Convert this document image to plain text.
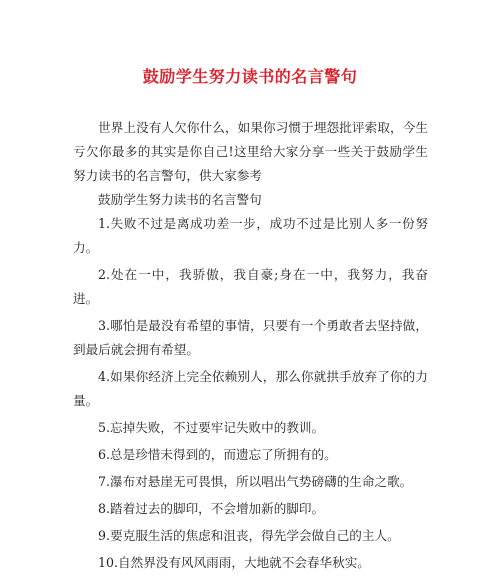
鼓励学生努力读书的名言警句

世界上没有人欠你什么，如果你习惯于埋怨批评索取，今生亏欠你最多的其实是你自己!这里给大家分享一些关于鼓励学生努力读书的名言警句，供大家参考

鼓励学生努力读书的名言警句

1.失败不过是离成功差一步，成功不过是比别人多一份努力。

2.处在一中，我骄傲，我自豪;身在一中，我努力，我奋进。

3.哪怕是最没有希望的事情，只要有一个勇敢者去坚持做，到最后就会拥有希望。

4.如果你经济上完全依赖别人，那么你就拱手放弃了你的力量。

5.忘掉失败，不过要牢记失败中的教训。

6.总是珍惜未得到的，而遗忘了所拥有的。

7.瀑布对悬崖无可畏惧，所以唱出气势磅礴的生命之歌。

8.踏着过去的脚印，不会增加新的脚印。

9.要克服生活的焦虑和沮丧，得先学会做自己的主人。

10.自然界没有风风雨雨，大地就不会春华秋实。
